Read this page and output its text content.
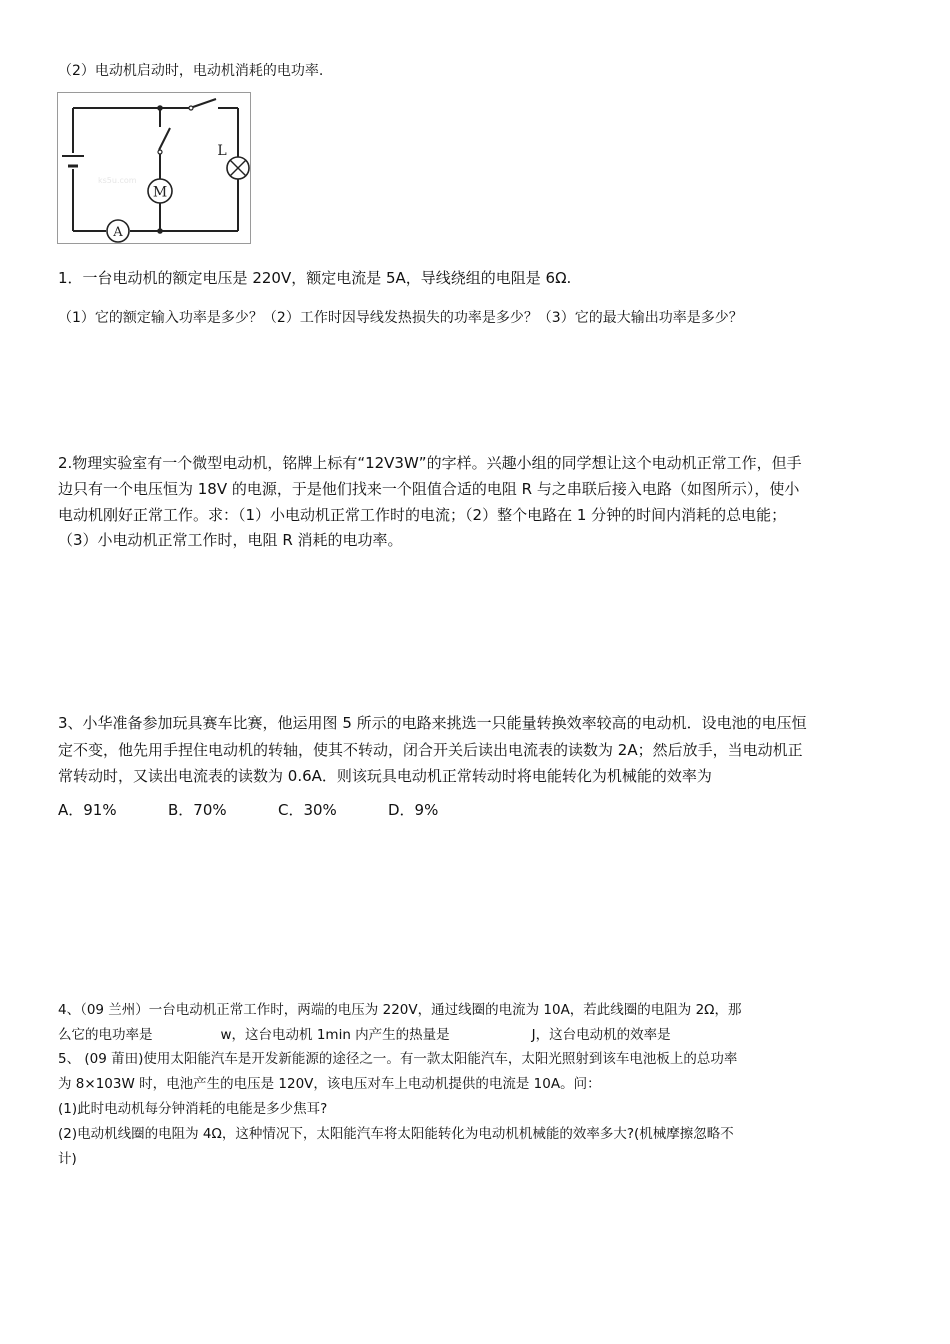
（2）电动机启动时，电动机消耗的电功率.
M
L
A
ks5u.com
1．一台电动机的额定电压是 220V，额定电流是 5A，导线绕组的电阻是 6Ω.
（1）它的额定输入功率是多少？（2）工作时因导线发热损失的功率是多少？（3）它的最大输出功率是多少？
2.物理实验室有一个微型电动机，铭牌上标有“12V3W”的字样。兴趣小组的同学想让这个电动机正常工作，但手
边只有一个电压恒为 18V 的电源，于是他们找来一个阻值合适的电阻 R 与之串联后接入电路（如图所示），使小
电动机刚好正常工作。求：（1）小电动机正常工作时的电流；（2）整个电路在 1 分钟的时间内消耗的总电能；
（3）小电动机正常工作时，电阻 R 消耗的电功率。
3、小华准备参加玩具赛车比赛，他运用图 5 所示的电路来挑选一只能量转换效率较高的电动机．设电池的电压恒
定不变，他先用手捏住电动机的转轴，使其不转动，闭合开关后读出电流表的读数为 2A；然后放手，当电动机正
常转动时，又读出电流表的读数为 0.6A．则该玩具电动机正常转动时将电能转化为机械能的效率为
A．91%	B．70%	C．30%	D．9%
4、（09 兰州）一台电动机正常工作时，两端的电压为 220V，通过线圈的电流为 10A，若此线圈的电阻为 2Ω，那
么它的电功率是	w，这台电动机 1min 内产生的热量是	J，这台电动机的效率是
5、 (09 莆田)使用太阳能汽车是开发新能源的途径之一。有一款太阳能汽车，太阳光照射到该车电池板上的总功率
为 8×103W 时，电池产生的电压是 120V，该电压对车上电动机提供的电流是 10A。问：
(1)此时电动机每分钟消耗的电能是多少焦耳?
(2)电动机线圈的电阻为 4Ω，这种情况下，太阳能汽车将太阳能转化为电动机机械能的效率多大?(机械摩擦忽略不
计)
